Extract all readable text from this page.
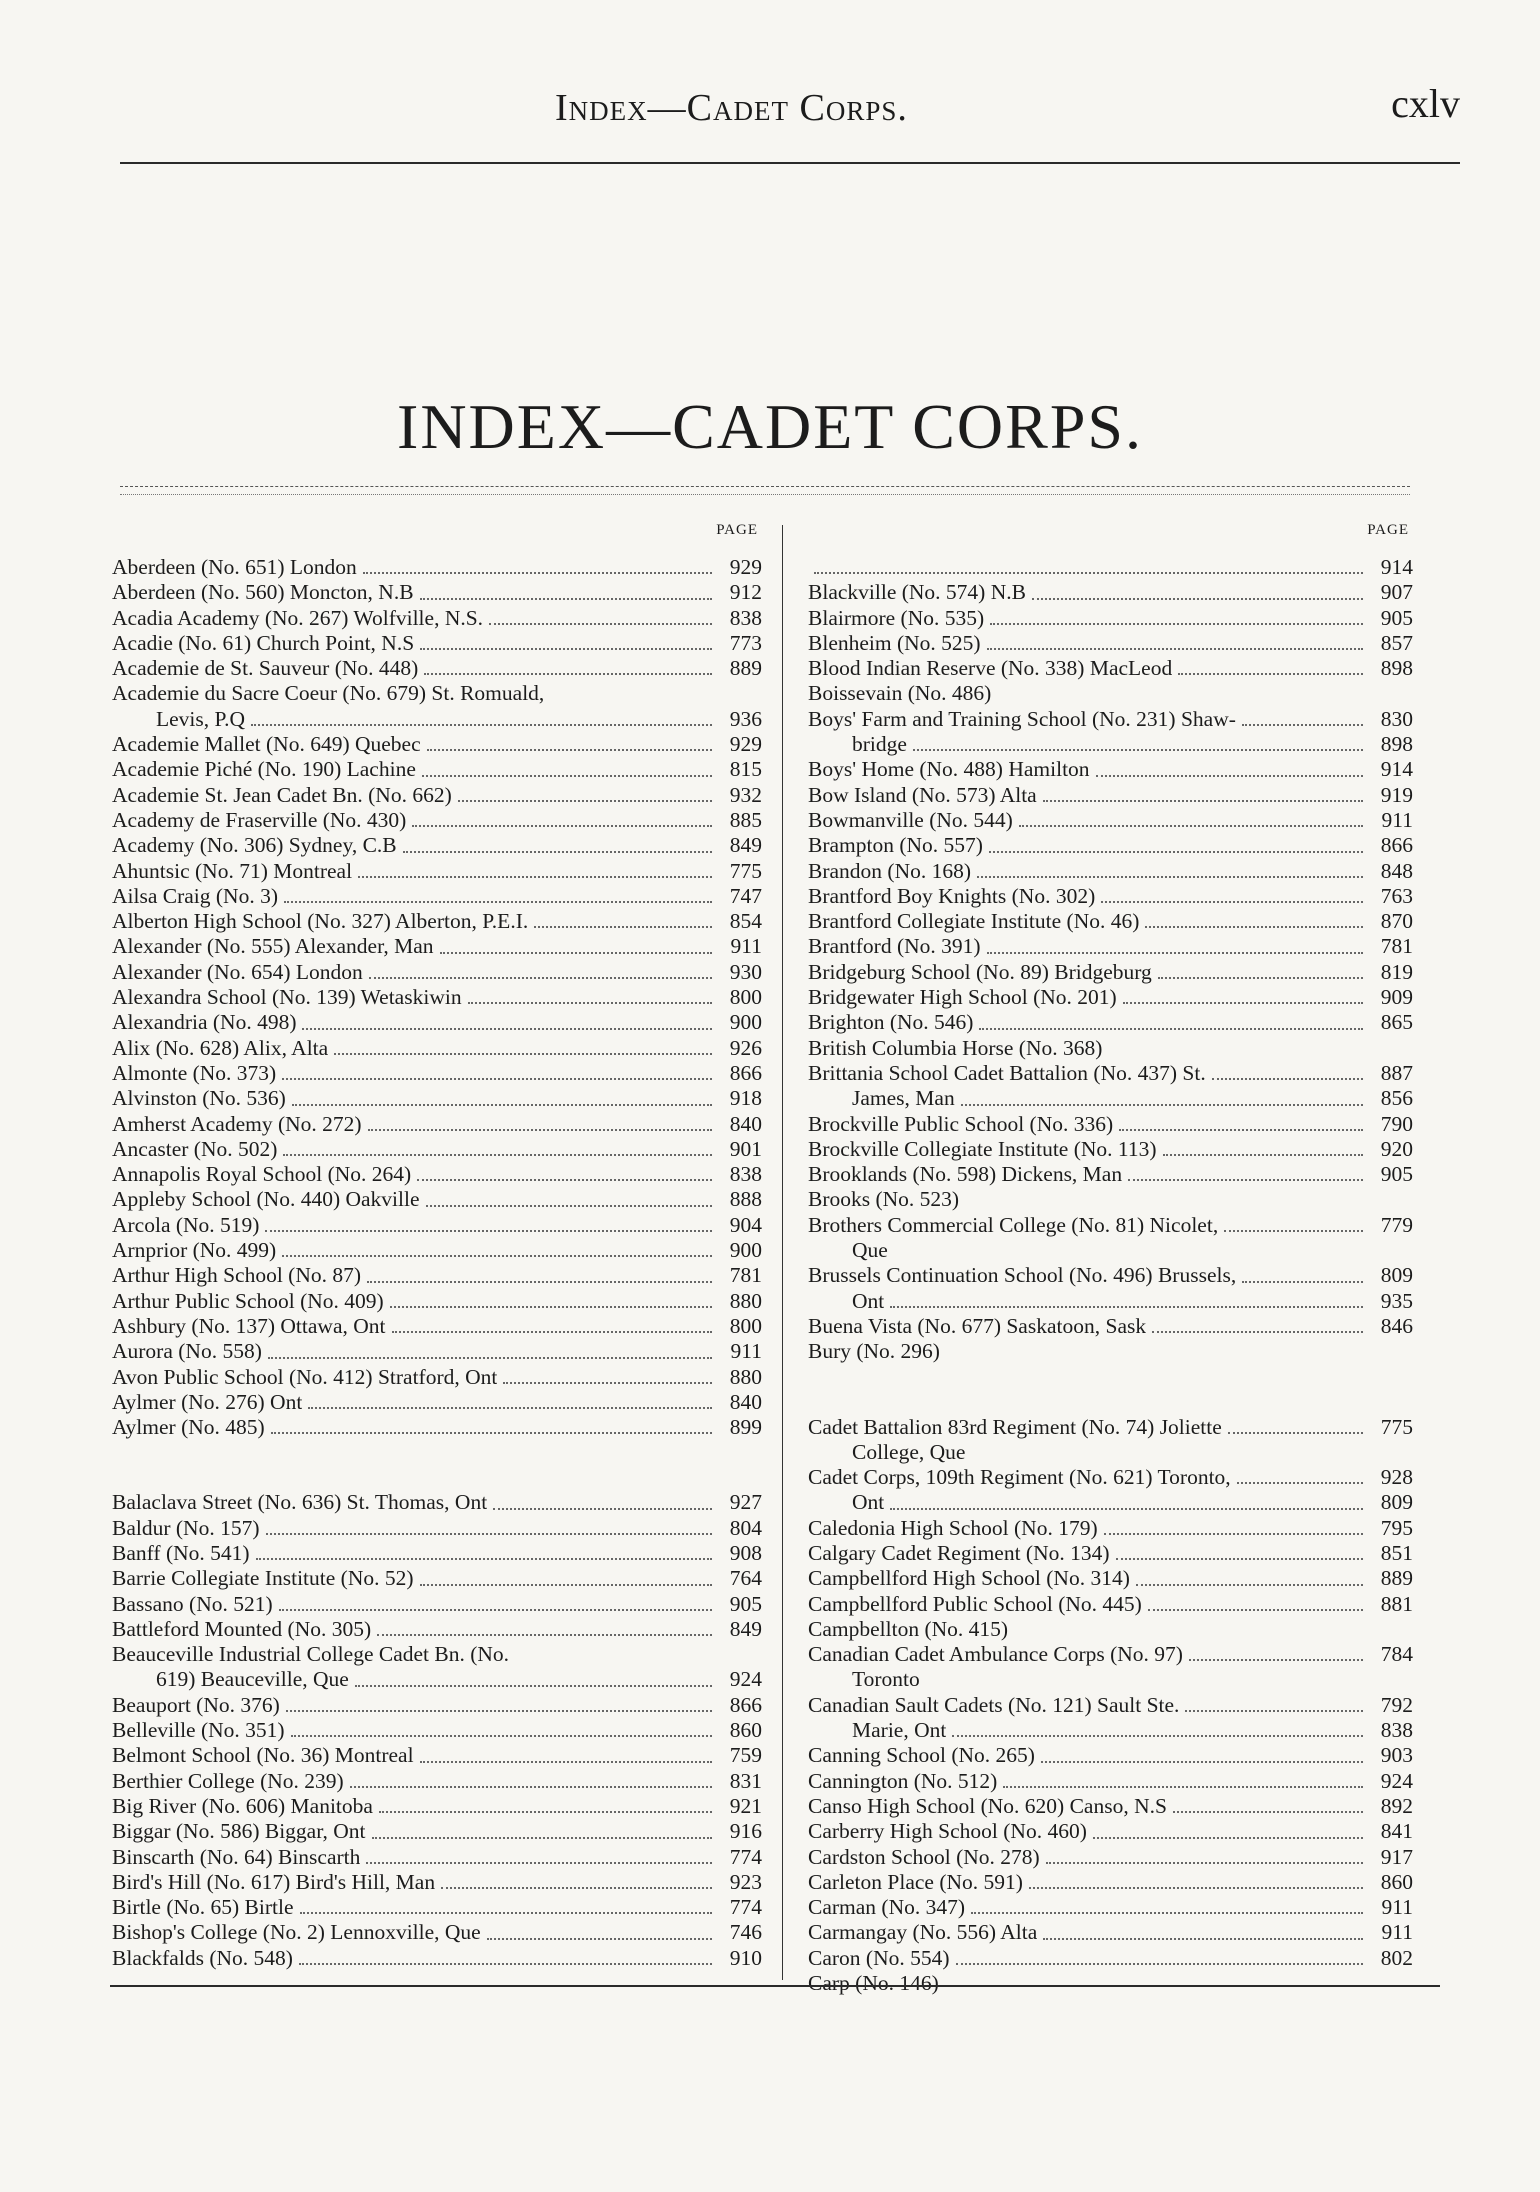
Index—Cadet Corps.	cxlv
INDEX—CADET CORPS.
PAGE
Aberdeen (No. 651) London	929
Aberdeen (No. 560) Moncton, N.B	912
Acadia Academy (No. 267) Wolfville, N.S.	838
Acadie (No. 61) Church Point, N.S	773
Academie de St. Sauveur (No. 448)	889
Academie du Sacre Coeur (No. 679) St. Romuald,
Levis, P.Q	936
Academie Mallet (No. 649) Quebec	929
Academie Piché (No. 190) Lachine	815
Academie St. Jean Cadet Bn. (No. 662)	932
Academy de Fraserville (No. 430)	885
Academy (No. 306) Sydney, C.B	849
Ahuntsic (No. 71) Montreal	775
Ailsa Craig (No. 3)	747
Alberton High School (No. 327) Alberton, P.E.I.	854
Alexander (No. 555) Alexander, Man	911
Alexander (No. 654) London	930
Alexandra School (No. 139) Wetaskiwin	800
Alexandria (No. 498)	900
Alix (No. 628) Alix, Alta	926
Almonte (No. 373)	866
Alvinston (No. 536)	918
Amherst Academy (No. 272)	840
Ancaster (No. 502)	901
Annapolis Royal School (No. 264)	838
Appleby School (No. 440) Oakville	888
Arcola (No. 519)	904
Arnprior (No. 499)	900
Arthur High School (No. 87)	781
Arthur Public School (No. 409)	880
Ashbury (No. 137) Ottawa, Ont	800
Aurora (No. 558)	911
Avon Public School (No. 412) Stratford, Ont	880
Aylmer (No. 276) Ont	840
Aylmer (No. 485)	899
Balaclava Street (No. 636) St. Thomas, Ont	927
Baldur (No. 157)	804
Banff (No. 541)	908
Barrie Collegiate Institute (No. 52)	764
Bassano (No. 521)	905
Battleford Mounted (No. 305)	849
Beauceville Industrial College Cadet Bn. (No.
619) Beauceville, Que	924
Beauport (No. 376)	866
Belleville (No. 351)	860
Belmont School (No. 36) Montreal	759
Berthier College (No. 239)	831
Big River (No. 606) Manitoba	921
Biggar (No. 586) Biggar, Ont	916
Binscarth (No. 64) Binscarth	774
Bird's Hill (No. 617) Bird's Hill, Man	923
Birtle (No. 65) Birtle	774
Bishop's College (No. 2) Lennoxville, Que	746
Blackfalds (No. 548)	910
PAGE
914
Blackville (No. 574) N.B	907
Blairmore (No. 535)	905
Blenheim (No. 525)	857
Blood Indian Reserve (No. 338) MacLeod	898
Boissevain (No. 486)
Boys' Farm and Training School (No. 231) Shaw-	830
bridge	898
Boys' Home (No. 488) Hamilton	914
Bow Island (No. 573) Alta	919
Bowmanville (No. 544)	911
Brampton (No. 557)	866
Brandon (No. 168)	848
Brantford Boy Knights (No. 302)	763
Brantford Collegiate Institute (No. 46)	870
Brantford (No. 391)	781
Bridgeburg School (No. 89) Bridgeburg	819
Bridgewater High School (No. 201)	909
Brighton (No. 546)	865
British Columbia Horse (No. 368)
Brittania School Cadet Battalion (No. 437) St.	887
James, Man	856
Brockville Public School (No. 336)	790
Brockville Collegiate Institute (No. 113)	920
Brooklands (No. 598) Dickens, Man	905
Brooks (No. 523)
Brothers Commercial College (No. 81) Nicolet,	779
Que
Brussels Continuation School (No. 496) Brussels,	809
Ont	935
Buena Vista (No. 677) Saskatoon, Sask	846
Bury (No. 296)
Cadet Battalion 83rd Regiment (No. 74) Joliette	775
College, Que
Cadet Corps, 109th Regiment (No. 621) Toronto,	928
Ont	809
Caledonia High School (No. 179)	795
Calgary Cadet Regiment (No. 134)	851
Campbellford High School (No. 314)	889
Campbellford Public School (No. 445)	881
Campbellton (No. 415)
Canadian Cadet Ambulance Corps (No. 97)	784
Toronto
Canadian Sault Cadets (No. 121) Sault Ste.	792
Marie, Ont	838
Canning School (No. 265)	903
Cannington (No. 512)	924
Canso High School (No. 620) Canso, N.S	892
Carberry High School (No. 460)	841
Cardston School (No. 278)	917
Carleton Place (No. 591)	860
Carman (No. 347)	911
Carmangay (No. 556) Alta	911
Caron (No. 554)	802
Carp (No. 146)
